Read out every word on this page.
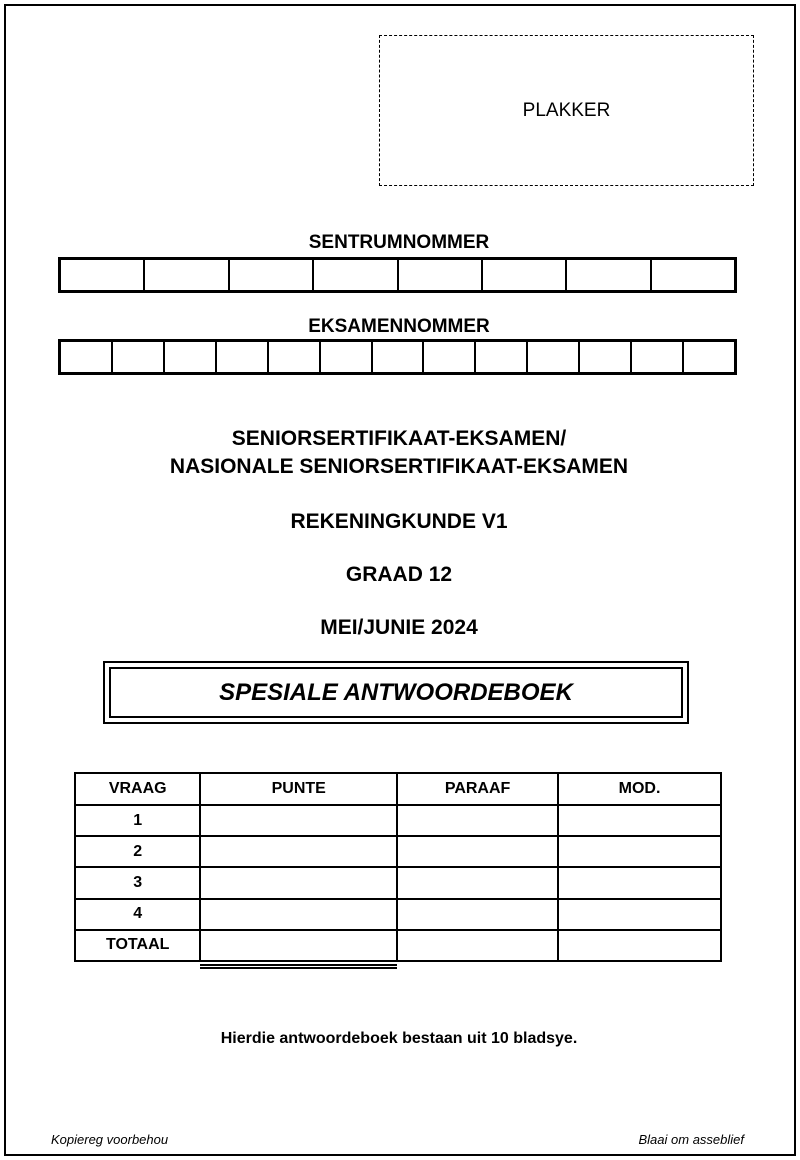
PLAKKER
SENTRUMNOMMER
EKSAMENNOMMER
SENIORSERTIFIKAAT-EKSAMEN/
NASIONALE SENIORSERTIFIKAAT-EKSAMEN
REKENINGKUNDE V1
GRAAD 12
MEI/JUNIE 2024
SPESIALE ANTWOORDEBOEK
VRAAG	PUNTE	PARAAF	MOD.
1			
2			
3			
4			
TOTAAL			
Hierdie antwoordeboek bestaan uit 10 bladsye.
Kopiereg voorbehou	Blaai om asseblief
